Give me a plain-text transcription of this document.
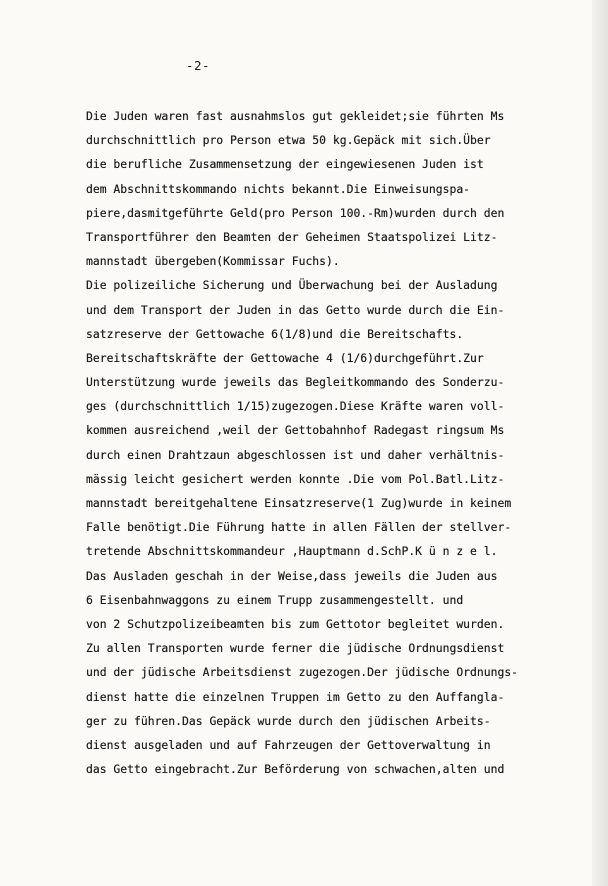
-2-
Die Juden waren fast ausnahmslos gut gekleidet;sie führten Ms
durchschnittlich pro Person etwa 50 kg.Gepäck mit sich.Über
die berufliche Zusammensetzung der eingewiesenen Juden ist
dem Abschnittskommando nichts bekannt.Die Einweisungspa-
piere,dasmitgeführte Geld(pro Person 100.-Rm)wurden durch den
Transportführer den Beamten der Geheimen Staatspolizei Litz-
mannstadt übergeben(Kommissar Fuchs).
Die polizeiliche Sicherung und Überwachung bei der Ausladung
und dem Transport der Juden in das Getto wurde durch die Ein-
satzreserve der Gettowache 6(1/8)und die Bereitschafts.
Bereitschaftskräfte der Gettowache 4 (1/6)durchgeführt.Zur
Unterstützung wurde jeweils das Begleitkommando des Sonderzu-
ges (durchschnittlich 1/15)zugezogen.Diese Kräfte waren voll-
kommen ausreichend ,weil der Gettobahnhof Radegast ringsum Ms
durch einen Drahtzaun abgeschlossen ist und daher verhältnis-
mässig leicht gesichert werden konnte .Die vom Pol.Batl.Litz-
mannstadt bereitgehaltene Einsatzreserve(1 Zug)wurde in keinem
Falle benötigt.Die Führung hatte in allen Fällen der stellver-
tretende Abschnittskommandeur ,Hauptmann d.SchP.K ü n z e l.
Das Ausladen geschah in der Weise,dass jeweils die Juden aus
6 Eisenbahnwaggons zu einem Trupp zusammengestellt. und
von 2 Schutzpolizeibeamten bis zum Gettotor begleitet wurden.
Zu allen Transporten wurde ferner die jüdische Ordnungsdienst
und der jüdische Arbeitsdienst zugezogen.Der jüdische Ordnungs-
dienst hatte die einzelnen Truppen im Getto zu den Auffangla-
ger zu führen.Das Gepäck wurde durch den jüdischen Arbeits-
dienst ausgeladen und auf Fahrzeugen der Gettoverwaltung in
das Getto eingebracht.Zur Beförderung von schwachen,alten und
